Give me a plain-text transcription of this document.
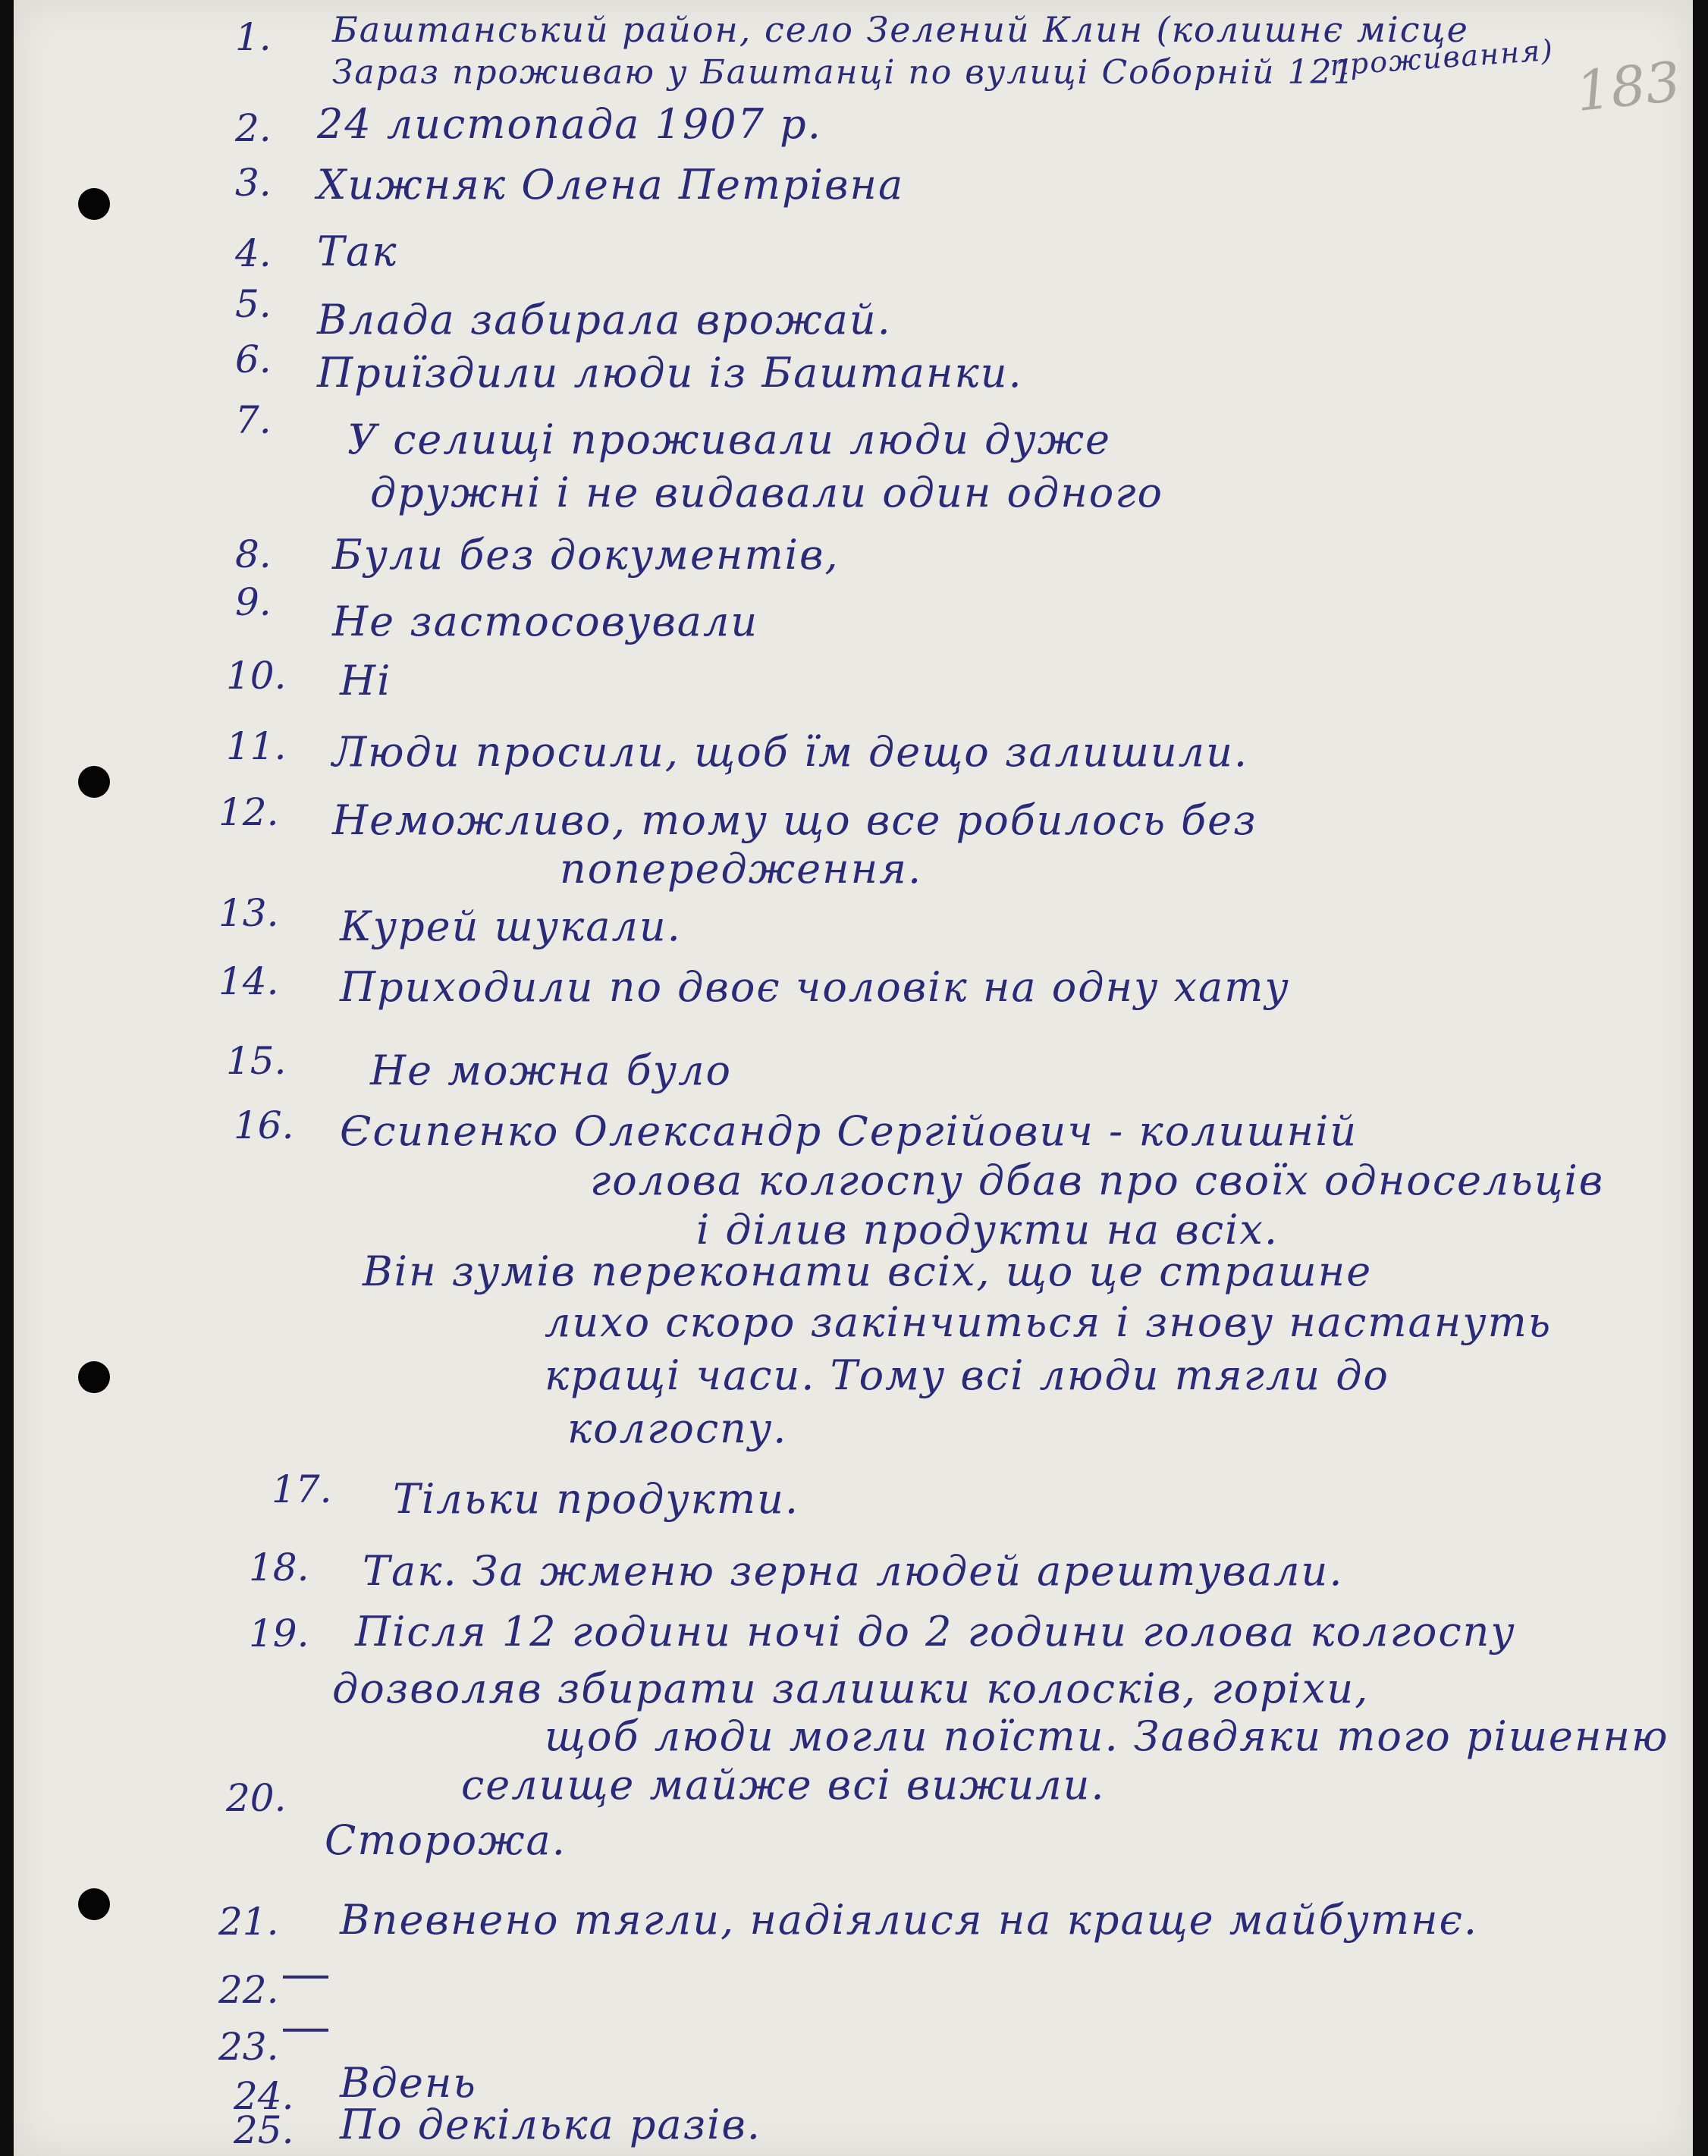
183
1. Баштанський район, село Зелений Клин (колишнє місце
Зараз проживаю у Баштанці по вулиці Соборній 121
проживання)
2. 24 листопада 1907 р.
3. Хижняк Олена Петрівна
4. Так
5. Влада забирала врожай.
6. Приїздили люди із Баштанки.
7. У селищі проживали люди дуже
дружні і не видавали один одного
8. Були без документів,
9. Не застосовували
10. Ні
11. Люди просили, щоб їм дещо залишили.
12. Неможливо, тому що все робилось без
попередження.
13. Курей шукали.
14. Приходили по двоє чоловік на одну хату
15. Не можна було
16. Єсипенко Олександр Сергійович - колишній
голова колгоспу дбав про своїх односельців
і ділив продукти на всіх.
Він зумів переконати всіх, що це страшне
лихо скоро закінчиться і знову настануть
кращі часи. Тому всі люди тягли до
колгоспу.
17. Тільки продукти.
18. Так. За жменю зерна людей арештували.
19. Після 12 години ночі до 2 години голова колгоспу
дозволяв збирати залишки колосків, горіхи,
щоб люди могли поїсти. Завдяки того рішенню
селище майже всі вижили.
20.
Сторожа.
21. Впевнено тягли, надіялися на краще майбутнє.
22.
23.
24. Вдень
25. По декілька разів.
